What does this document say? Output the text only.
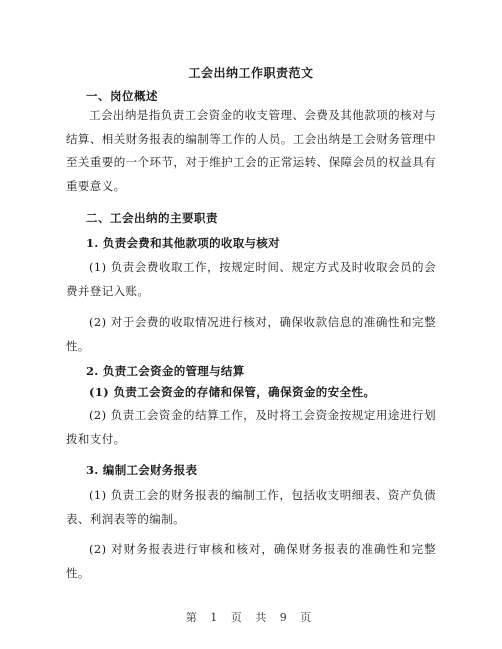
工会出纳工作职责范文
一、岗位概述
工会出纳是指负责工会资金的收支管理、会费及其他款项的核对与结算、相关财务报表的编制等工作的人员。工会出纳是工会财务管理中至关重要的一个环节，对于维护工会的正常运转、保障会员的权益具有重要意义。
二、工会出纳的主要职责
1. 负责会费和其他款项的收取与核对
(1) 负责会费收取工作，按规定时间、规定方式及时收取会员的会费并登记入账。
(2) 对于会费的收取情况进行核对，确保收款信息的准确性和完整性。
2. 负责工会资金的管理与结算
(1) 负责工会资金的存储和保管，确保资金的安全性。
(2) 负责工会资金的结算工作，及时将工会资金按规定用途进行划拨和支付。
3. 编制工会财务报表
(1) 负责工会的财务报表的编制工作，包括收支明细表、资产负债表、利润表等的编制。
(2) 对财务报表进行审核和核对，确保财务报表的准确性和完整性。
第 1 页 共 9 页
